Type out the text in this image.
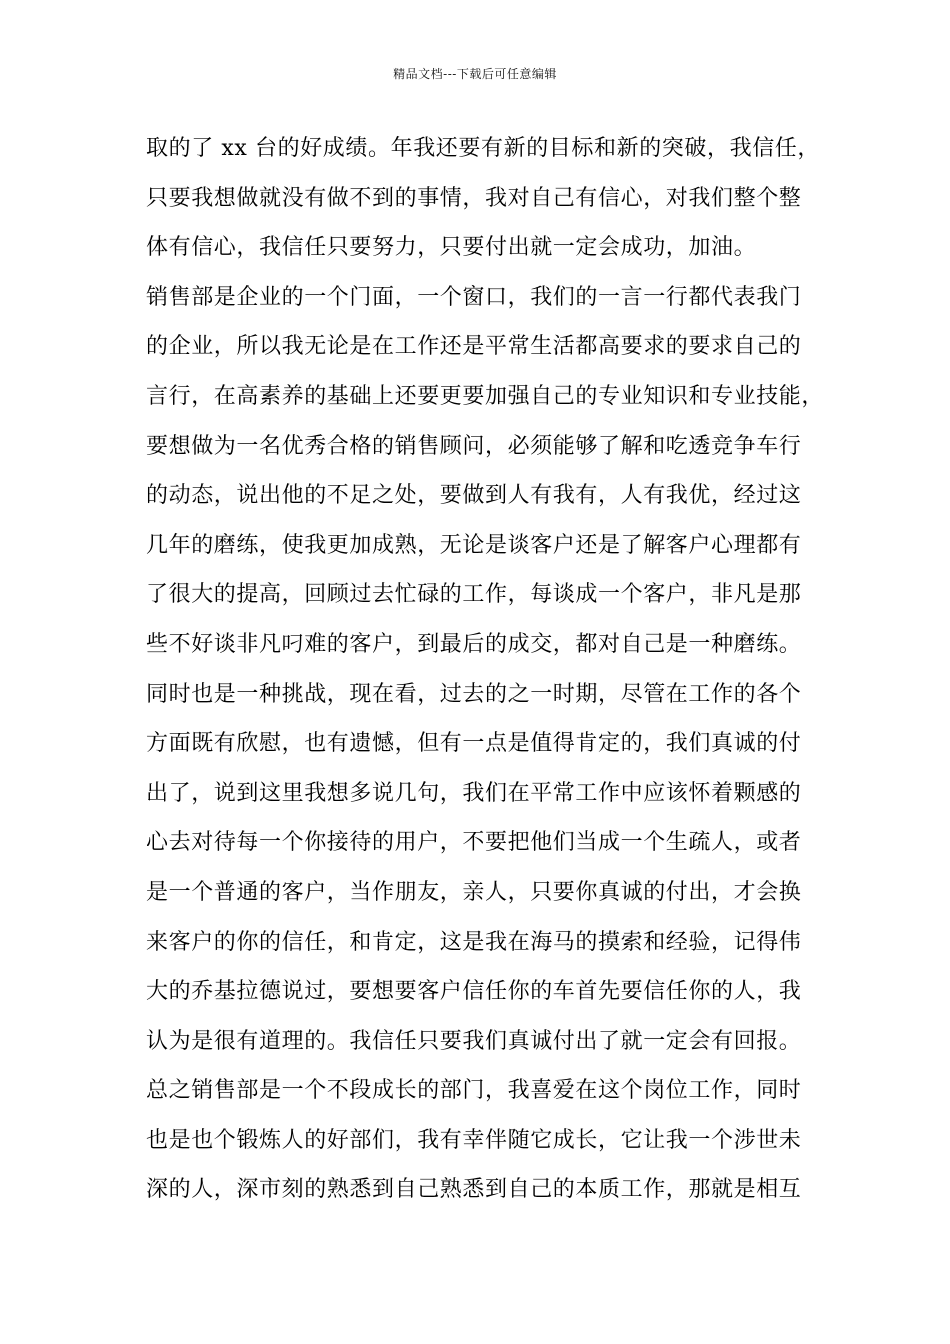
精品文档---下载后可任意编辑
取的了 xx 台的好成绩。年我还要有新的目标和新的突破，我信任，
只要我想做就没有做不到的事情，我对自己有信心，对我们整个整
体有信心，我信任只要努力，只要付出就一定会成功，加油。
销售部是企业的一个门面，一个窗口，我们的一言一行都代表我门
的企业，所以我无论是在工作还是平常生活都高要求的要求自己的
言行，在高素养的基础上还要更要加强自己的专业知识和专业技能，
要想做为一名优秀合格的销售顾问，必须能够了解和吃透竞争车行
的动态，说出他的不足之处，要做到人有我有，人有我优，经过这
几年的磨练，使我更加成熟，无论是谈客户还是了解客户心理都有
了很大的提高，回顾过去忙碌的工作，每谈成一个客户，非凡是那
些不好谈非凡叼难的客户，到最后的成交，都对自己是一种磨练。
同时也是一种挑战，现在看，过去的之一时期，尽管在工作的各个
方面既有欣慰，也有遗憾，但有一点是值得肯定的，我们真诚的付
出了，说到这里我想多说几句，我们在平常工作中应该怀着颗感的
心去对待每一个你接待的用户，不要把他们当成一个生疏人，或者
是一个普通的客户，当作朋友，亲人，只要你真诚的付出，才会换
来客户的你的信任，和肯定，这是我在海马的摸索和经验，记得伟
大的乔基拉德说过，要想要客户信任你的车首先要信任你的人，我
认为是很有道理的。我信任只要我们真诚付出了就一定会有回报。
总之销售部是一个不段成长的部门，我喜爱在这个岗位工作，同时
也是也个锻炼人的好部们，我有幸伴随它成长，它让我一个涉世未
深的人，深市刻的熟悉到自己熟悉到自己的本质工作，那就是相互
